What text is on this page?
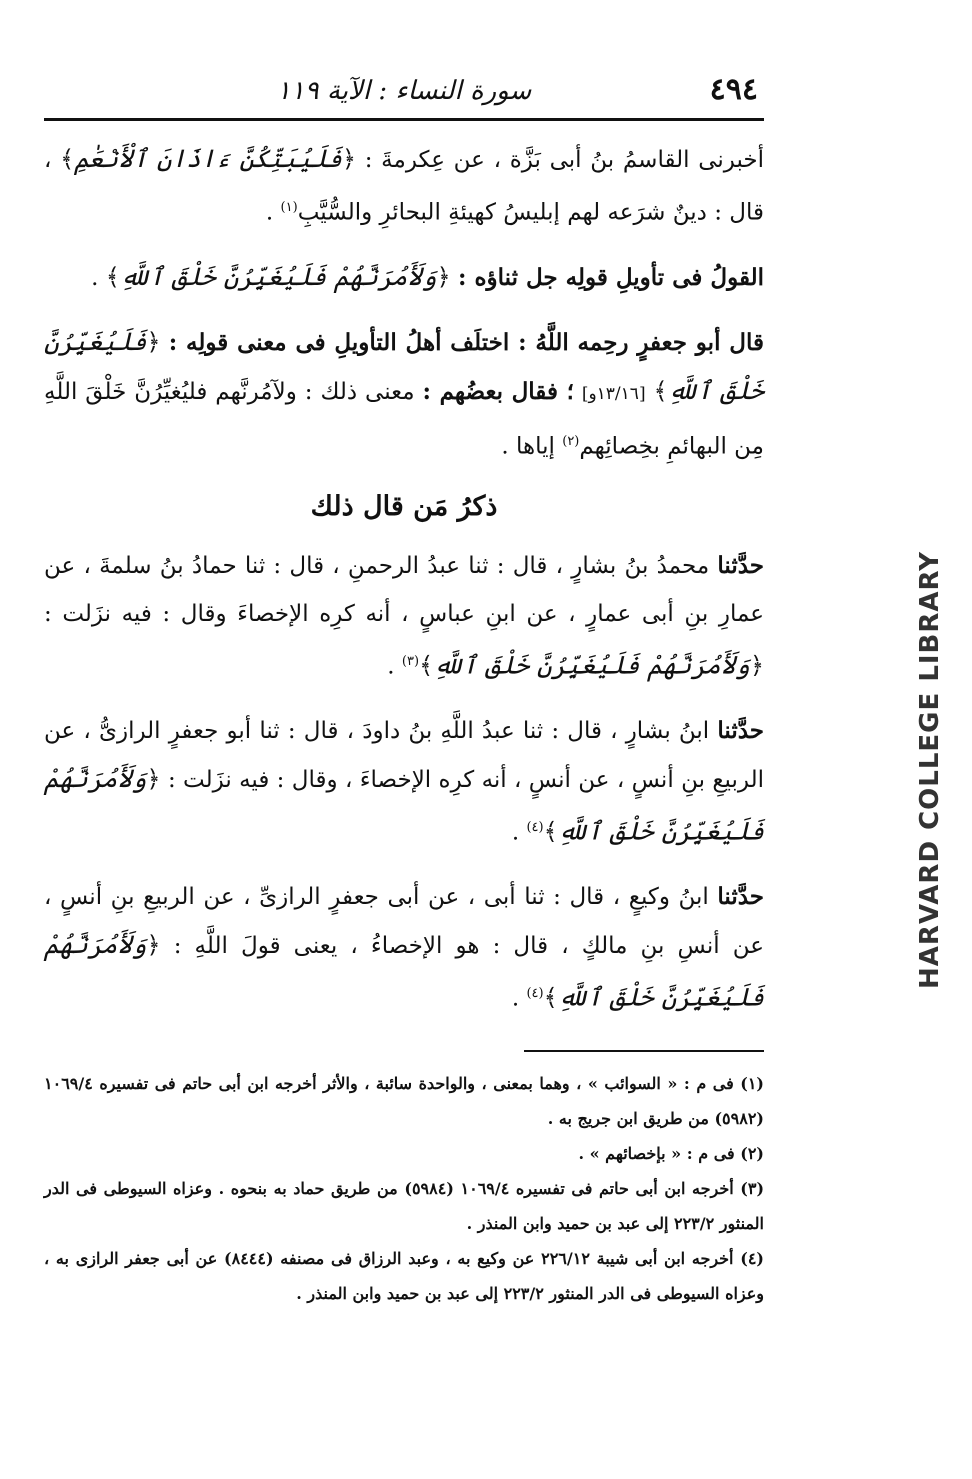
٤٩٤
سورة النساء : الآية ١١٩

أخبرنى القاسمُ بنُ أبى بَزَّة ، عن عِكرمةَ : ﴿فَلَيُبَتِّكُنَّ ءَاذَانَ ٱلْأَنْعَٰمِ﴾ ، قال : دينٌ شرَعه لهم إبليسُ كهيئةِ البحائرِ والسُّيَّبِ$^{(١)}$ .

القولُ فى تأويلِ قولِه جل ثناؤه : ﴿وَلَأَمُرَنَّهُمْ فَلَيُغَيِّرُنَّ خَلْقَ ٱللَّهِ﴾ .

قال أبو جعفرٍ رحِمه اللَّهُ : اختلَف أهلُ التأويلِ فى معنى قولِه : ﴿فَلَيُغَيِّرُنَّ خَلْقَ ٱللَّهِ﴾ [١٣/١٦و] ؛ فقال بعضُهم : معنى ذلك : ولآمُرنَّهم فليُغيِّرُنَّ خَلْقَ اللَّهِ مِن البهائمِ بخِصائِهم$^{(٢)}$ إياها .

ذكرُ مَن قال ذلك

حدَّثنا محمدُ بنُ بشارٍ ، قال : ثنا عبدُ الرحمنِ ، قال : ثنا حمادُ بنُ سلمةَ ، عن عمارِ بنِ أبى عمارٍ ، عن ابنِ عباسٍ ، أنه كرِه الإخصاءَ وقال : فيه نزَلت : ﴿وَلَأَمُرَنَّهُمْ فَلَيُغَيِّرُنَّ خَلْقَ ٱللَّهِ﴾$^{(٣)}$ .

حدَّثنا ابنُ بشارٍ ، قال : ثنا عبدُ اللَّهِ بنُ داودَ ، قال : ثنا أبو جعفرٍ الرازىُّ ، عن الربيعِ بنِ أنسٍ ، عن أنسٍ ، أنه كرِه الإخصاءَ ، وقال : فيه نزَلت : ﴿وَلَأَمُرَنَّهُمْ فَلَيُغَيِّرُنَّ خَلْقَ ٱللَّهِ﴾$^{(٤)}$ .

حدَّثنا ابنُ وكيعٍ ، قال : ثنا أبى ، عن أبى جعفرٍ الرازىِّ ، عن الربيعِ بنِ أنسٍ ، عن أنسِ بنِ مالكٍ ، قال : هو الإخصاءُ ، يعنى قولَ اللَّهِ : ﴿وَلَأَمُرَنَّهُمْ فَلَيُغَيِّرُنَّ خَلْقَ ٱللَّهِ﴾$^{(٤)}$ .

(١) فى م : « السوائب » ، وهما بمعنى ، والواحدة سائبة ، والأثر أخرجه ابن أبى حاتم فى تفسيره ١٠٦٩/٤ (٥٩٨٢) من طريق ابن جريج به .

(٢) فى م : « بإخصائهم » .

(٣) أخرجه ابن أبى حاتم فى تفسيره ١٠٦٩/٤ (٥٩٨٤) من طريق حماد به بنحوه . وعزاه السيوطى فى الدر المنثور ٢٢٣/٢ إلى عبد بن حميد وابن المنذر .

(٤) أخرجه ابن أبى شيبة ٢٢٦/١٢ عن وكيع به ، وعبد الرزاق فى مصنفه (٨٤٤٤) عن أبى جعفر الرازى به ، وعزاه السيوطى فى الدر المنثور ٢٢٣/٢ إلى عبد بن حميد وابن المنذر .

HARVARD COLLEGE LIBRARY
